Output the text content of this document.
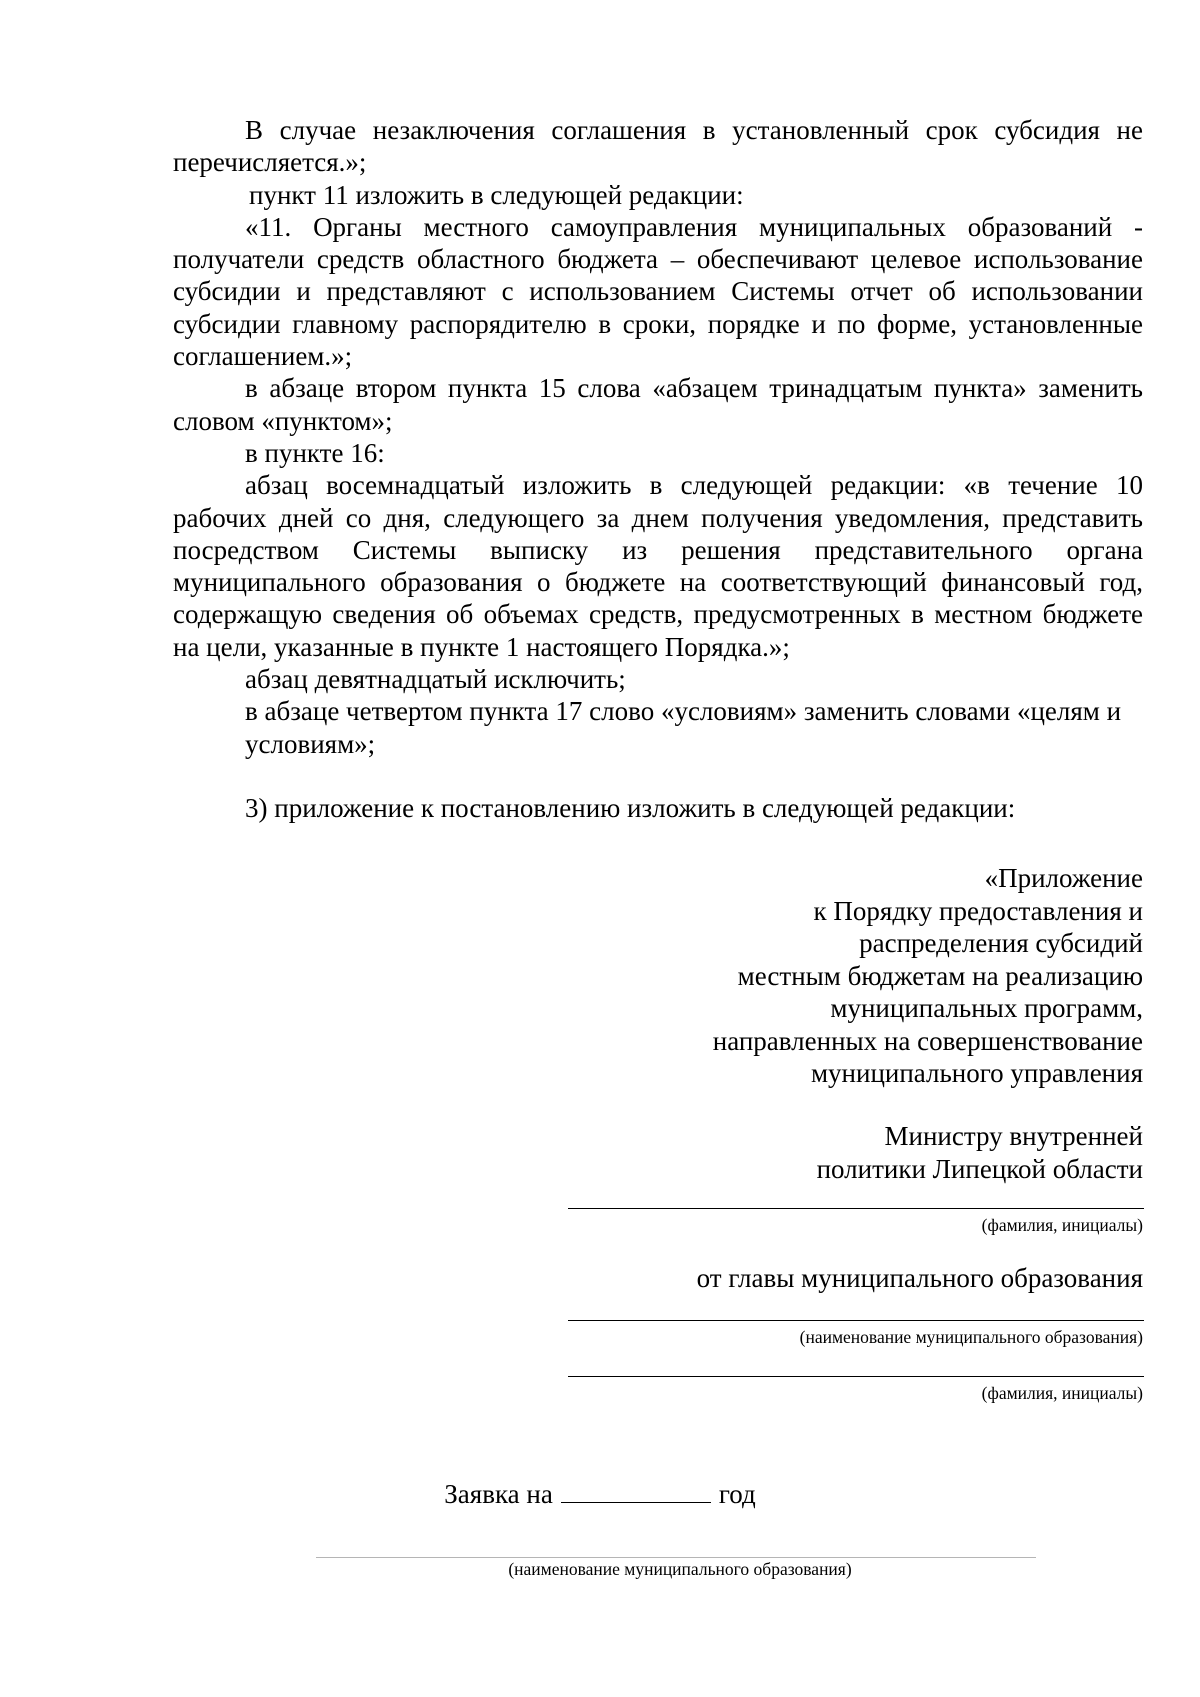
В случае незаключения соглашения в установленный срок субсидия не перечисляется.»;

пункт 11 изложить в следующей редакции:

«11. Органы местного самоуправления муниципальных образований - получатели средств областного бюджета – обеспечивают целевое использование субсидии и представляют с использованием Системы отчет об использовании субсидии главному распорядителю в сроки, порядке и по форме, установленные соглашением.»;

в абзаце втором пункта 15 слова «абзацем тринадцатым пункта» заменить словом «пунктом»;

в пункте 16:

абзац восемнадцатый изложить в следующей редакции: «в течение 10 рабочих дней со дня, следующего за днем получения уведомления, представить посредством Системы выписку из решения представительного органа муниципального образования о бюджете на соответствующий финансовый год, содержащую сведения об объемах средств, предусмотренных в местном бюджете на цели, указанные в пункте 1 настоящего Порядка.»;

абзац девятнадцатый исключить;

в абзаце четвертом пункта 17 слово «условиям» заменить словами «целям и условиям»;

3) приложение к постановлению изложить в следующей редакции:

«Приложение

к Порядку предоставления и

распределения субсидий

местным бюджетам на реализацию

муниципальных программ,

направленных на совершенствование

муниципального управления

Министру внутренней

политики Липецкой области

(фамилия, инициалы)
от главы муниципального образования
(наименование муниципального образования)
(фамилия, инициалы)
Заявка на	год
(наименование муниципального образования)
